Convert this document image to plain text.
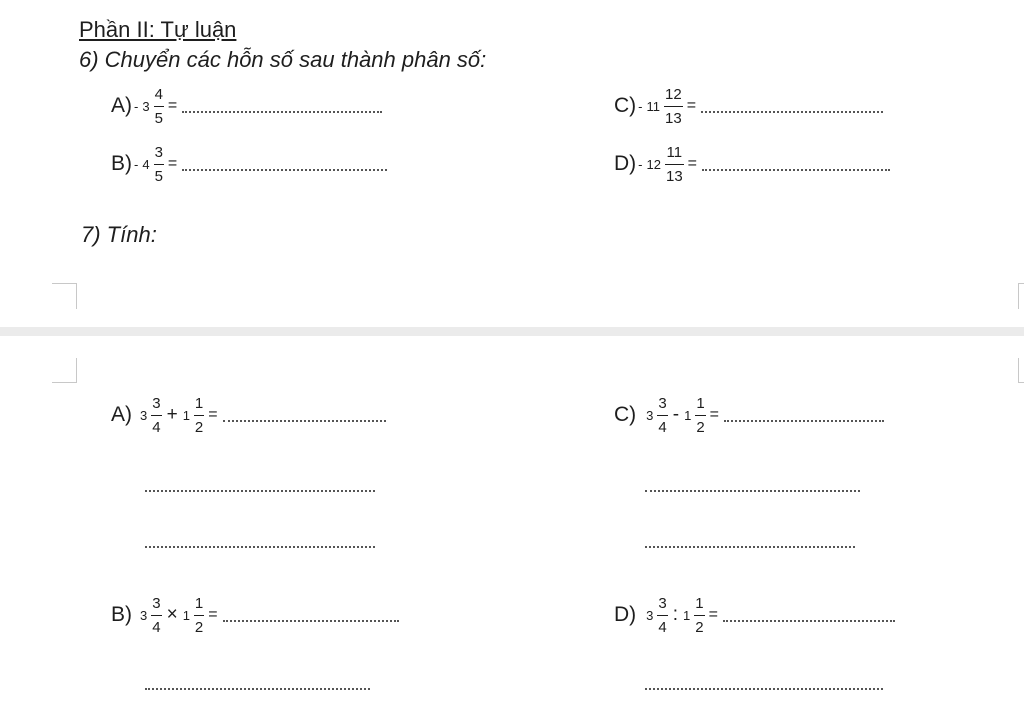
Phần II: Tự luận
6) Chuyển các hỗn số sau thành phân số:
$A) - 3 \frac{4}{5}$ =
$B) - 4 \frac{3}{5}$ =
$C) - 11 \frac{12}{13}$ =
$D) - 12 \frac{11}{13}$ =
7) Tính:
A) $3 \frac{3}{4} + 1 \frac{1}{2}$ =	C) $3 \frac{3}{4} - 1 \frac{1}{2}$ =
B) $3 \frac{3}{4} \times 1 \frac{1}{2}$ =	D) $3 \frac{3}{4}$ : $1 \frac{1}{2}$ =
